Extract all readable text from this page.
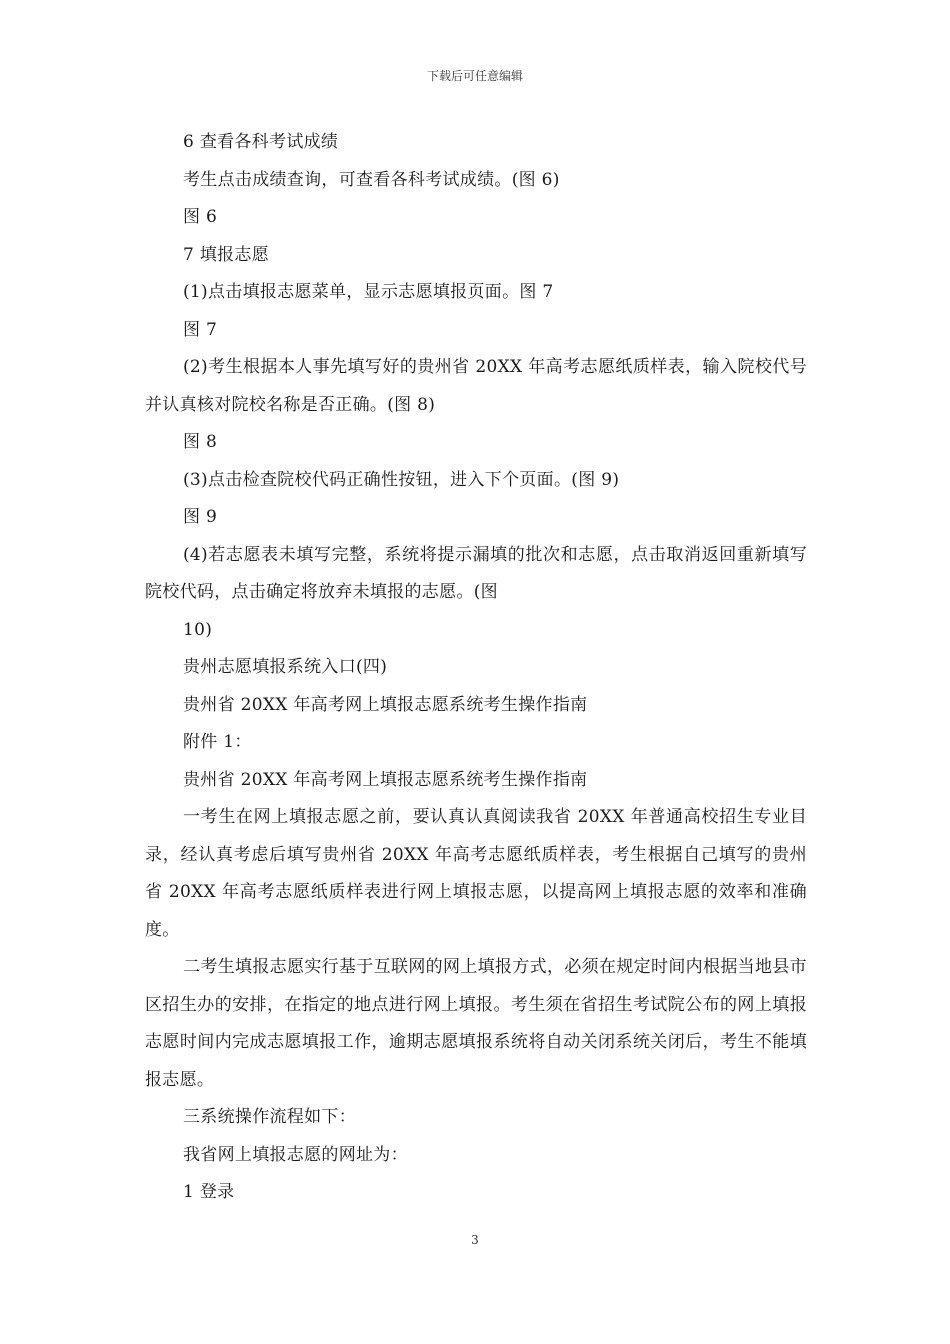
下载后可任意编辑

6 查看各科考试成绩

考生点击成绩查询，可查看各科考试成绩。(图 6)

图 6

7 填报志愿

(1)点击填报志愿菜单，显示志愿填报页面。图 7

图 7

(2)考生根据本人事先填写好的贵州省 20XX 年高考志愿纸质样表，输入院校代号并认真核对院校名称是否正确。(图 8)

图 8

(3)点击检查院校代码正确性按钮，进入下个页面。(图 9)

图 9

(4)若志愿表未填写完整，系统将提示漏填的批次和志愿，点击取消返回重新填写院校代码，点击确定将放弃未填报的志愿。(图

10)

贵州志愿填报系统入口(四)

贵州省 20XX 年高考网上填报志愿系统考生操作指南

附件 1：

贵州省 20XX 年高考网上填报志愿系统考生操作指南

一考生在网上填报志愿之前，要认真认真阅读我省 20XX 年普通高校招生专业目录，经认真考虑后填写贵州省 20XX 年高考志愿纸质样表，考生根据自己填写的贵州省 20XX 年高考志愿纸质样表进行网上填报志愿，以提高网上填报志愿的效率和准确度。

二考生填报志愿实行基于互联网的网上填报方式，必须在规定时间内根据当地县市区招生办的安排，在指定的地点进行网上填报。考生须在省招生考试院公布的网上填报志愿时间内完成志愿填报工作，逾期志愿填报系统将自动关闭系统关闭后，考生不能填报志愿。

三系统操作流程如下：

我省网上填报志愿的网址为：

1 登录

3
